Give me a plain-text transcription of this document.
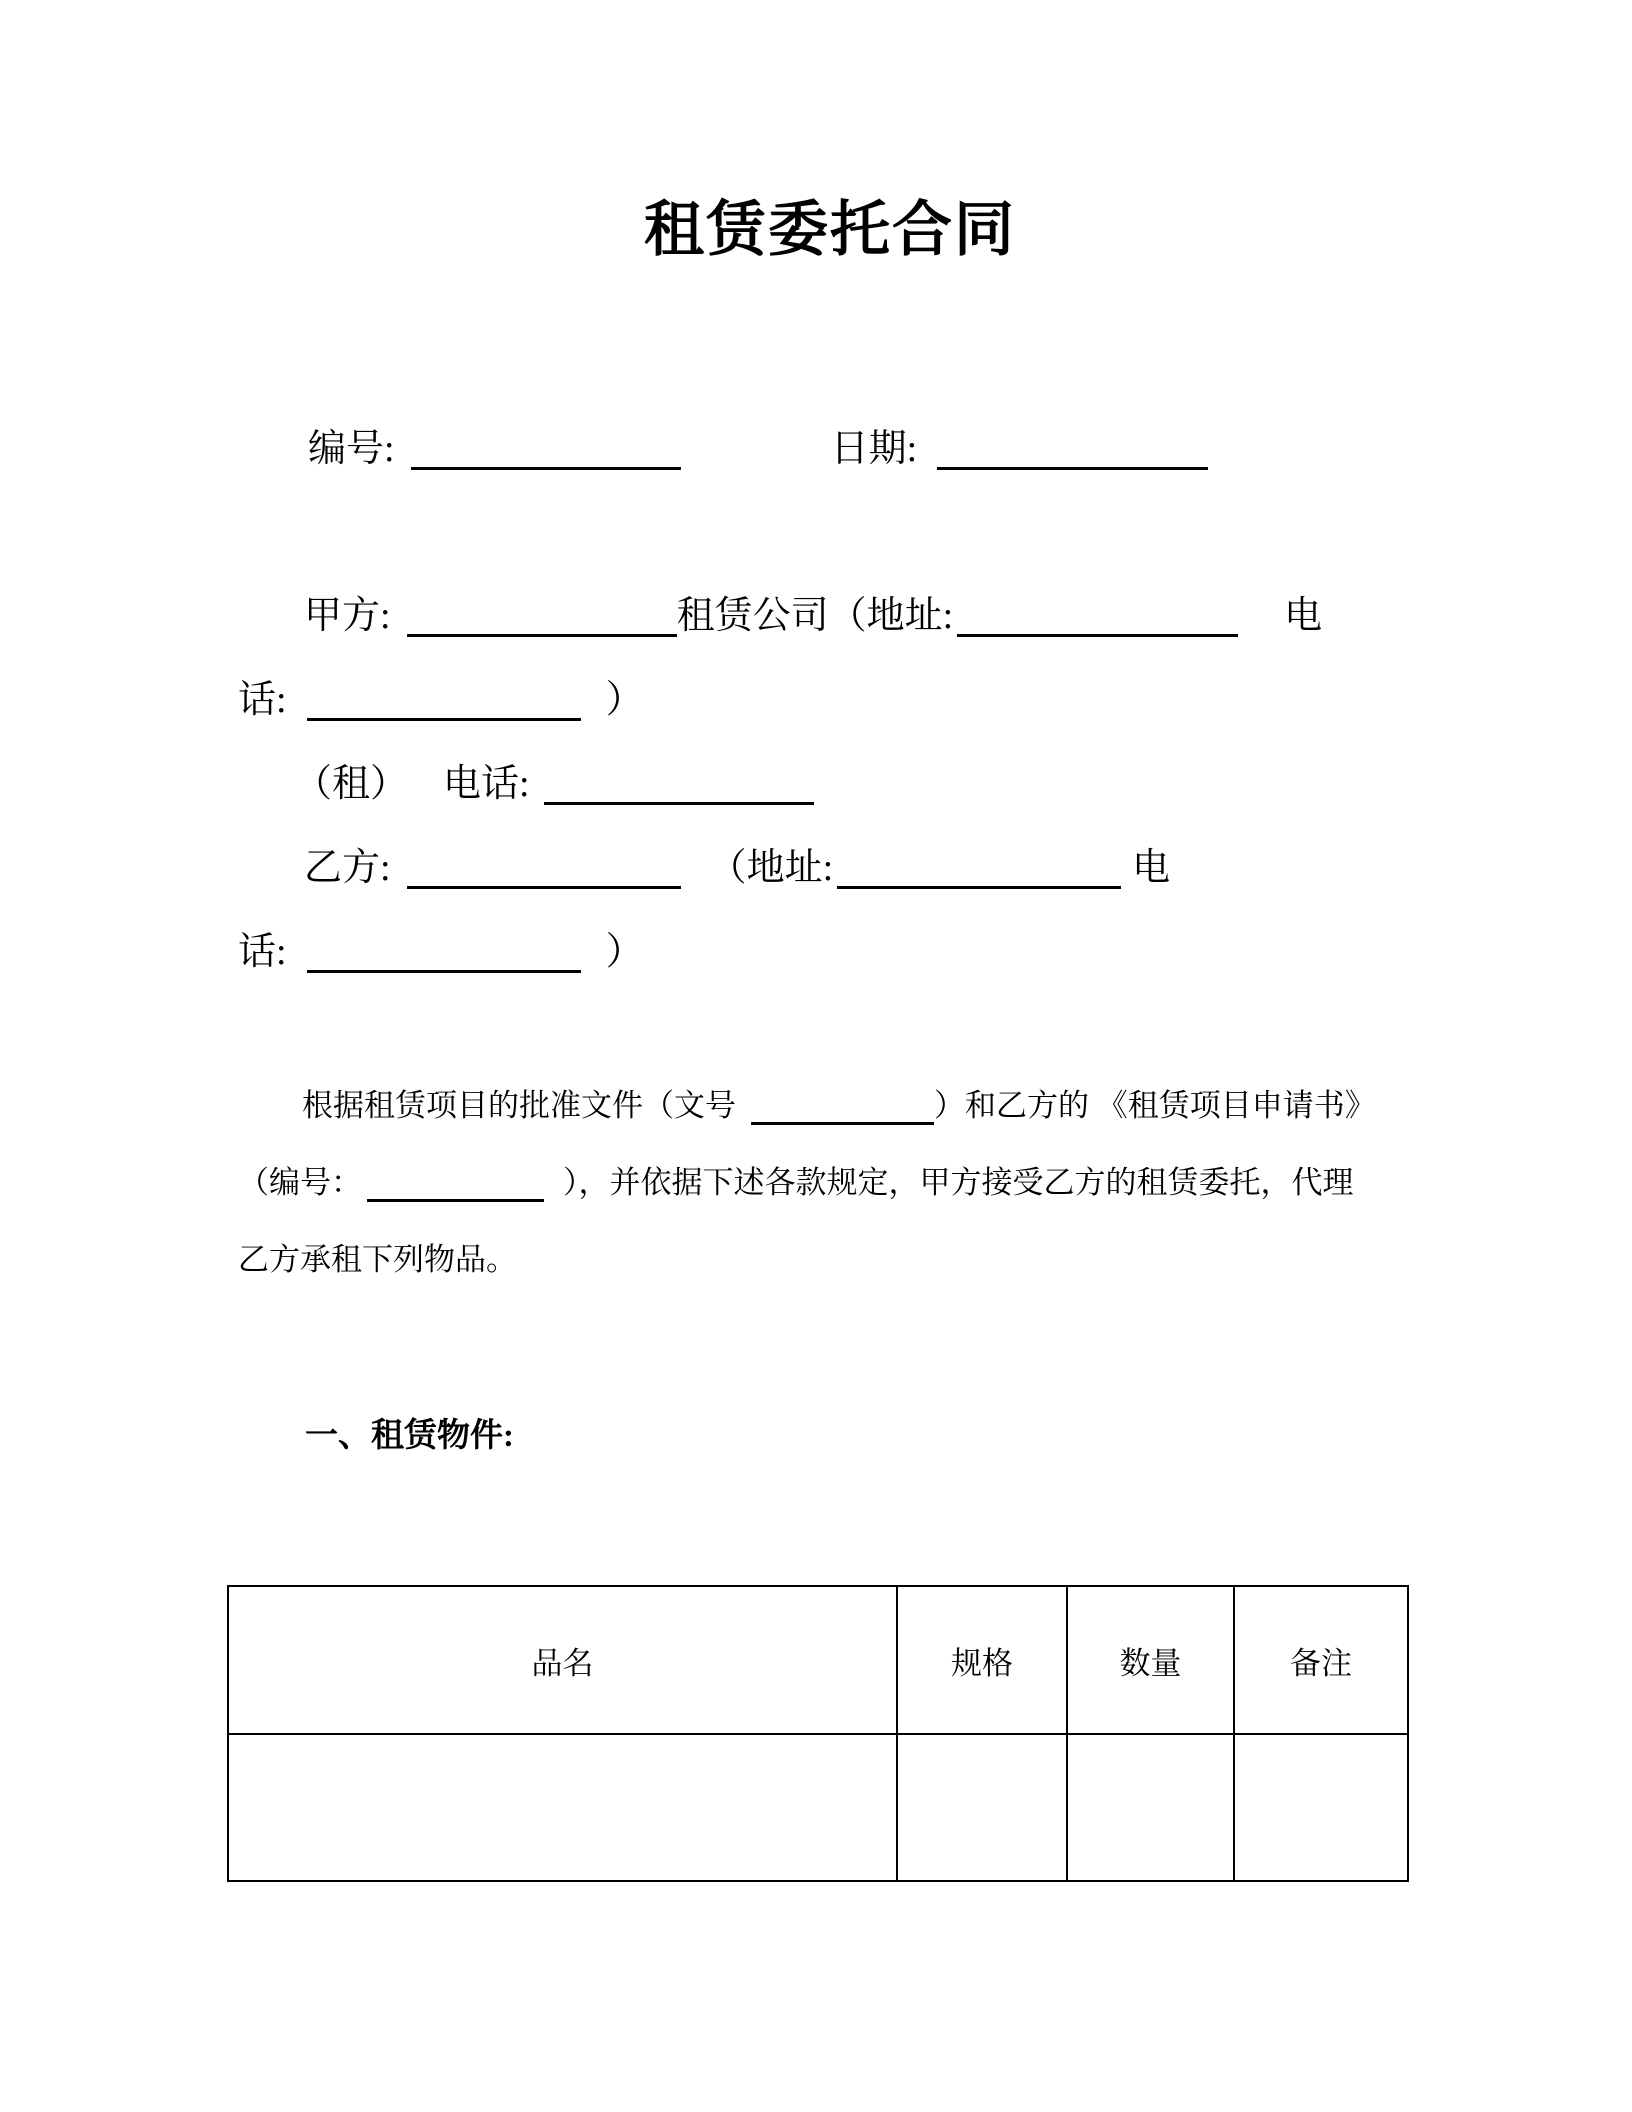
租赁委托合同
编号:	日期:
甲方:	租赁公司（地址:	电
话:	）
（租） 电话:
乙方:	（地址:	电
话:	）
根据租赁项目的批准文件（文号	）和乙方的 《租赁项目申请书》
（编号：	），并依据下述各款规定，甲方接受乙方的租赁委托，代理
乙方承租下列物品。
一、租赁物件:
品名	规格	数量	备注
